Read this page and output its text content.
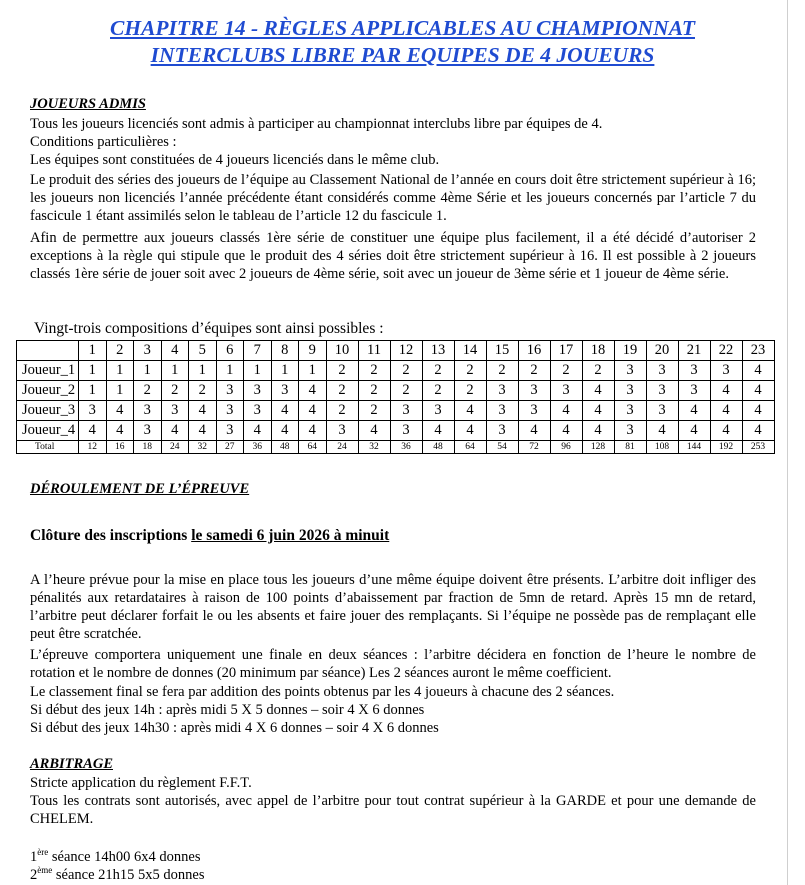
CHAPITRE 14 - RÈGLES APPLICABLES AU CHAMPIONNAT
INTERCLUBS LIBRE PAR EQUIPES DE 4 JOUEURS
JOUEURS ADMIS
Tous les joueurs licenciés sont admis à participer au championnat interclubs libre par équipes de 4.
Conditions particulières :
Les équipes sont constituées de 4 joueurs licenciés dans le même club.
Le produit des séries des joueurs de l’équipe au Classement National de l’année en cours doit être strictement supérieur à 16; les joueurs non licenciés l’année précédente étant considérés comme 4ème Série et les joueurs concernés par l’article 7 du fascicule 1 étant assimilés selon le tableau de l’article 12 du fascicule 1.
Afin de permettre aux joueurs classés 1ère série de constituer une équipe plus facilement, il a été décidé d’autoriser 2 exceptions à la règle qui stipule que le produit des 4 séries doit être strictement supérieur à 16. Il est possible à 2 joueurs classés 1ère série de jouer soit avec 2 joueurs de 4ème série, soit avec un joueur de 3ème série et 1 joueur de 4ème série.
Vingt-trois compositions d’équipes sont ainsi possibles :
	1	2	3	4	5	6	7	8	9	10	11	12	13	14	15	16	17	18	19	20	21	22	23
Joueur_1	1	1	1	1	1	1	1	1	1	2	2	2	2	2	2	2	2	2	3	3	3	3	4
Joueur_2	1	1	2	2	2	3	3	3	4	2	2	2	2	2	3	3	3	4	3	3	3	4	4
Joueur_3	3	4	3	3	4	3	3	4	4	2	2	3	3	4	3	3	4	4	3	3	4	4	4
Joueur_4	4	4	3	4	4	3	4	4	4	3	4	3	4	4	3	4	4	4	3	4	4	4	4
Total	12	16	18	24	32	27	36	48	64	24	32	36	48	64	54	72	96	128	81	108	144	192	253
DÉROULEMENT DE L’ÉPREUVE
Clôture des inscriptions le samedi 6 juin 2026 à minuit
A l’heure prévue pour la mise en place tous les joueurs d’une même équipe doivent être présents. L’arbitre doit infliger des pénalités aux retardataires à raison de 100 points d’abaissement par fraction de 5mn de retard. Après 15 mn de retard, l’arbitre peut déclarer forfait le ou les absents et faire jouer des remplaçants. Si l’équipe ne possède pas de remplaçant elle peut être scratchée.
L’épreuve comportera uniquement une finale en deux séances : l’arbitre décidera en fonction de l’heure le nombre de rotation et le nombre de donnes (20 minimum par séance) Les 2 séances auront le même coefficient.
Le classement final se fera par addition des points obtenus par les 4 joueurs à chacune des 2 séances.
Si début des jeux 14h : après midi 5 X 5 donnes – soir 4 X 6 donnes
Si début des jeux 14h30 : après midi 4 X 6 donnes – soir 4 X 6 donnes
ARBITRAGE
Stricte application du règlement F.F.T.
Tous les contrats sont autorisés, avec appel de l’arbitre pour tout contrat supérieur à la GARDE et pour une demande de CHELEM.
1ère séance 14h00 6x4 donnes
2ème séance 21h15 5x5 donnes
